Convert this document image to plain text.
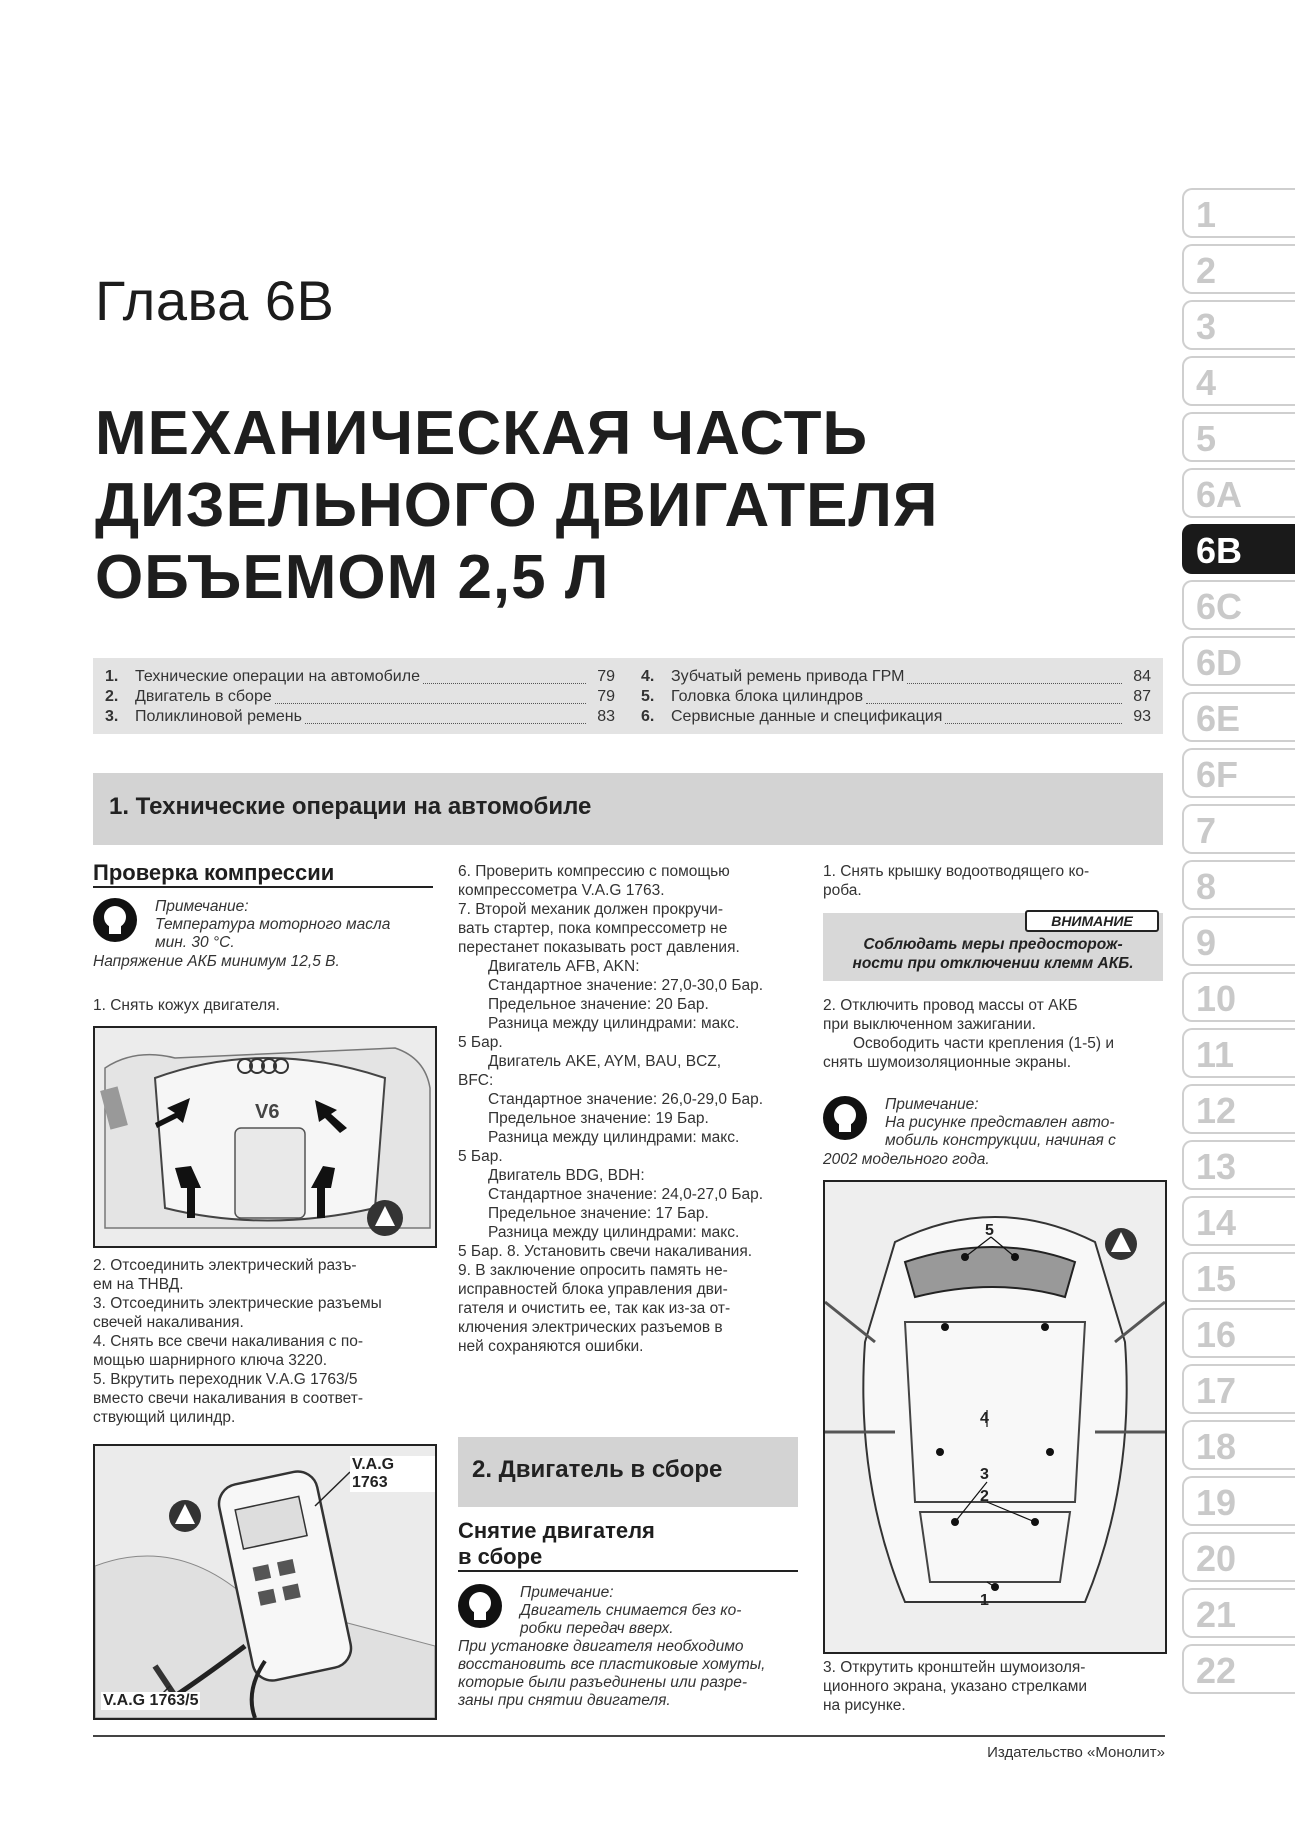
Глава 6В
МЕХАНИЧЕСКАЯ ЧАСТЬ
ДИЗЕЛЬНОГО ДВИГАТЕЛЯ
ОБЪЕМОМ 2,5 Л
1.	Технические операции на автомобиле	79
2.	Двигатель в сборе	79
3.	Поликлиновой ремень	83
4.	Зубчатый ремень привода ГРМ	84
5.	Головка блока цилиндров	87
6.	Сервисные данные и спецификация	93
1. Технические операции на автомобиле
Проверка компрессии
Примечание:
Температура моторного масла
мин. 30 °С.
Напряжение АКБ минимум 12,5 В.
1. Снять кожух двигателя.
V6

2. Отсоединить электрический разъ-

ем на ТНВД.

3. Отсоединить электрические разъемы

свечей накаливания.

4. Снять все свечи накаливания с по-

мощью шарнирного ключа 3220.

5. Вкрутить переходник V.A.G 1763/5

вместо свечи накаливания в соответ-

ствующий цилиндр.

V.A.G 1763
V.A.G 1763/5

6. Проверить компрессию с помощью

компрессометра V.A.G 1763.

7. Второй механик должен прокручи-

вать стартер, пока компрессометр не

перестанет показывать рост давления.

Двигатель AFB, AKN:

Стандартное значение: 27,0-30,0 Бар.

Предельное значение: 20 Бар.

Разница между цилиндрами: макс.

5 Бар.

Двигатель AKE, AYM, BAU, BCZ,

BFC:

Стандартное значение: 26,0-29,0 Бар.

Предельное значение: 19 Бар.

Разница между цилиндрами: макс.

5 Бар.

Двигатель BDG, BDH:

Стандартное значение: 24,0-27,0 Бар.

Предельное значение: 17 Бар.

Разница между цилиндрами: макс.

5 Бар. 8. Установить свечи накаливания.

9. В заключение опросить память не-

исправностей блока управления дви-

гателя и очистить ее, так как из-за от-

ключения электрических разъемов в

ней сохраняются ошибки.

2. Двигатель в сборе
Снятие двигателя
в сборе
Примечание:
Двигатель снимается без ко-
робки передач вверх.
При установке двигателя необходимо
восстановить все пластиковые хомуты,
которые были разъединены или разре-
заны при снятии двигателя.

1. Снять крышку водоотводящего ко-

роба.

ВНИМАНИЕ
Соблюдать меры предосторож-
ности при отключении клемм АКБ.

2. Отключить провод массы от АКБ

при выключенном зажигании.

Освободить части крепления (1-5) и

снять шумоизоляционные экраны.

Примечание:
На рисунке представлен авто-
мобиль конструкции, начиная с
2002 модельного года.
5
4
3
2
1

3. Открутить кронштейн шумоизоля-

ционного экрана, указано стрелками

на рисунке.

1
2
3
4
5
6A
6B
6C
6D
6E
6F
7
8
9
10
11
12
13
14
15
16
17
18
19
20
21
22
Издательство «Монолит»
